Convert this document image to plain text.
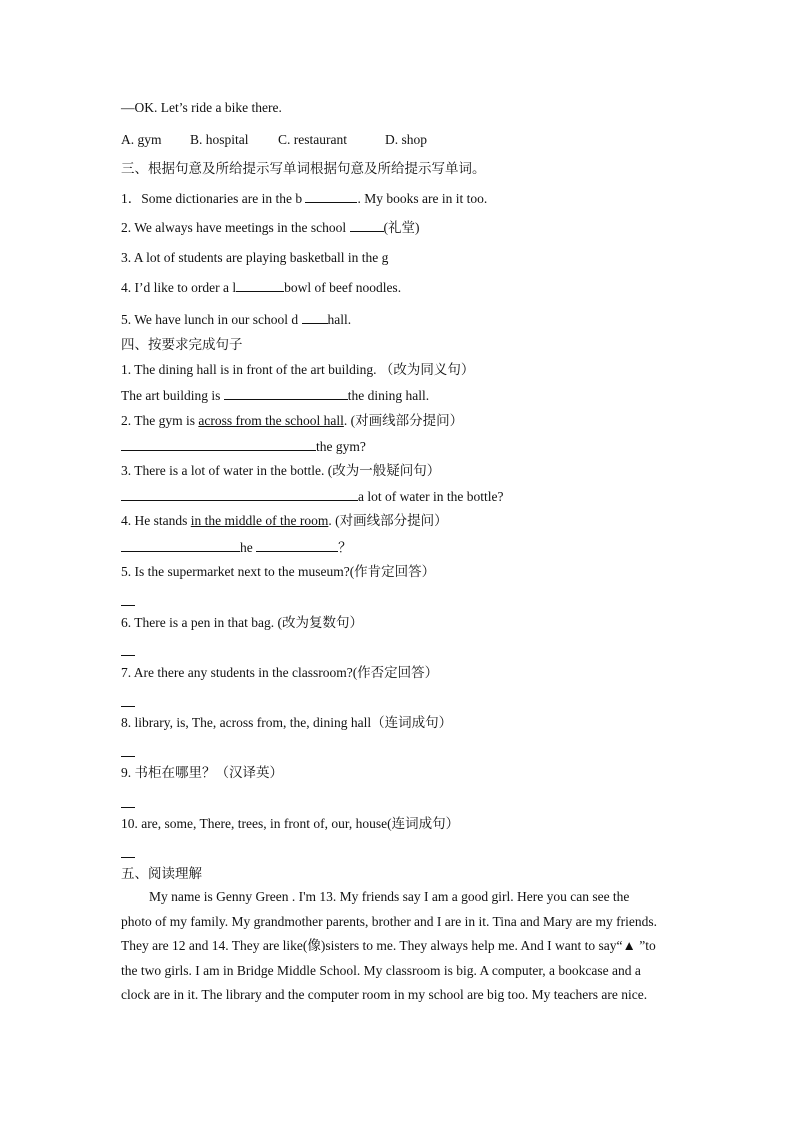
—OK. Let’s ride a bike there.
A. gym B. hospital C. restaurant	D. shop
三、根据句意及所给提示写单词根据句意及所给提示写单词。
1．Some dictionaries are in the b	. My books are in it too.
2. We always have meetings in the school	(礼堂)
3. A lot of students are playing basketball in the g
4. I’d like to order a l	bowl of beef noodles.
5. We have lunch in our school d hall.
四、按要求完成句子
1. The dining hall is in front of the art building. （改为同义句）
The art building is	the dining hall.
2. The gym is across from the school hall. (对画线部分提问）
the gym?
3. There is a lot of water in the bottle. (改为一般疑问句）
a lot of water in the bottle?
4. He stands in the middle of the room. (对画线部分提问）
he	？
5. Is the supermarket next to the museum?(作肯定回答）
6. There is a pen in that bag. (改为复数句）
7. Are there any students in the classroom?(作否定回答）
8. library, is, The, across from, the, dining hall（连词成句）
9. 书柜在哪里？（汉译英）
10. are, some, There, trees, in front of, our, house(连词成句）
五、阅读理解
My name is Genny Green . I'm 13. My friends say I am a good girl. Here you can see the photo of my family. My grandmother parents, brother and I are in it. Tina and Mary are my friends. They are 12 and 14. They are like(像)sisters to me. They always help me. And I want to say“▲ ”to the two girls. I am in Bridge Middle School. My classroom is big. A computer, a bookcase and a clock are in it. The library and the computer room in my school are big too. My teachers are nice.
